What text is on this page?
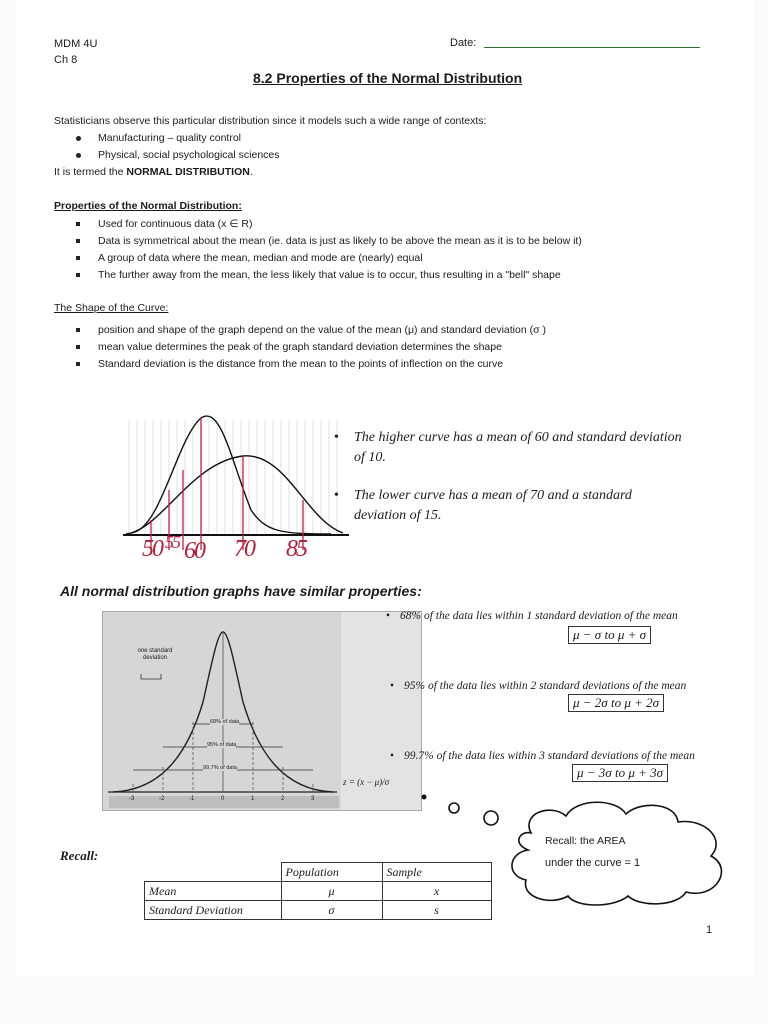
MDM 4U
Ch 8
Date:
8.2 Properties of the Normal Distribution
Statisticians observe this particular distribution since it models such a wide range of contexts:
Manufacturing – quality control
Physical, social psychological sciences
It is termed the NORMAL DISTRIBUTION.
Properties of the Normal Distribution:
Used for continuous data (x ∈ R)
Data is symmetrical about the mean (ie. data is just as likely to be above the mean as it is to be below it)
A group of data where the mean, median and mode are (nearly) equal
The further away from the mean, the less likely that value is to occur, thus resulting in a "bell" shape
The Shape of the Curve:
position and shape of the graph depend on the value of the mean (μ) and standard deviation (σ )
mean value determines the peak of the graph standard deviation determines the shape
Standard deviation is the distance from the mean to the points of inflection on the curve
50 55 60 70 85
• The higher curve has a mean of 60 and standard deviation of 10.
• The lower curve has a mean of 70 and a standard deviation of 15.
All normal distribution graphs have similar properties:
one standard deviation
68% of data
95% of data
99.7% of data
z = (x − μ)/σ
-3	-2	-1	0	1	2	3
• 68% of the data lies within 1 standard deviation of the mean
μ − σ to μ + σ
• 95% of the data lies within 2 standard deviations of the mean
μ − 2σ to μ + 2σ
• 99.7% of the data lies within 3 standard deviations of the mean
μ − 3σ to μ + 3σ
Recall: the AREA
under the curve = 1
Recall:
	Population	Sample
Mean	μ	x
Standard Deviation	σ	s
1
